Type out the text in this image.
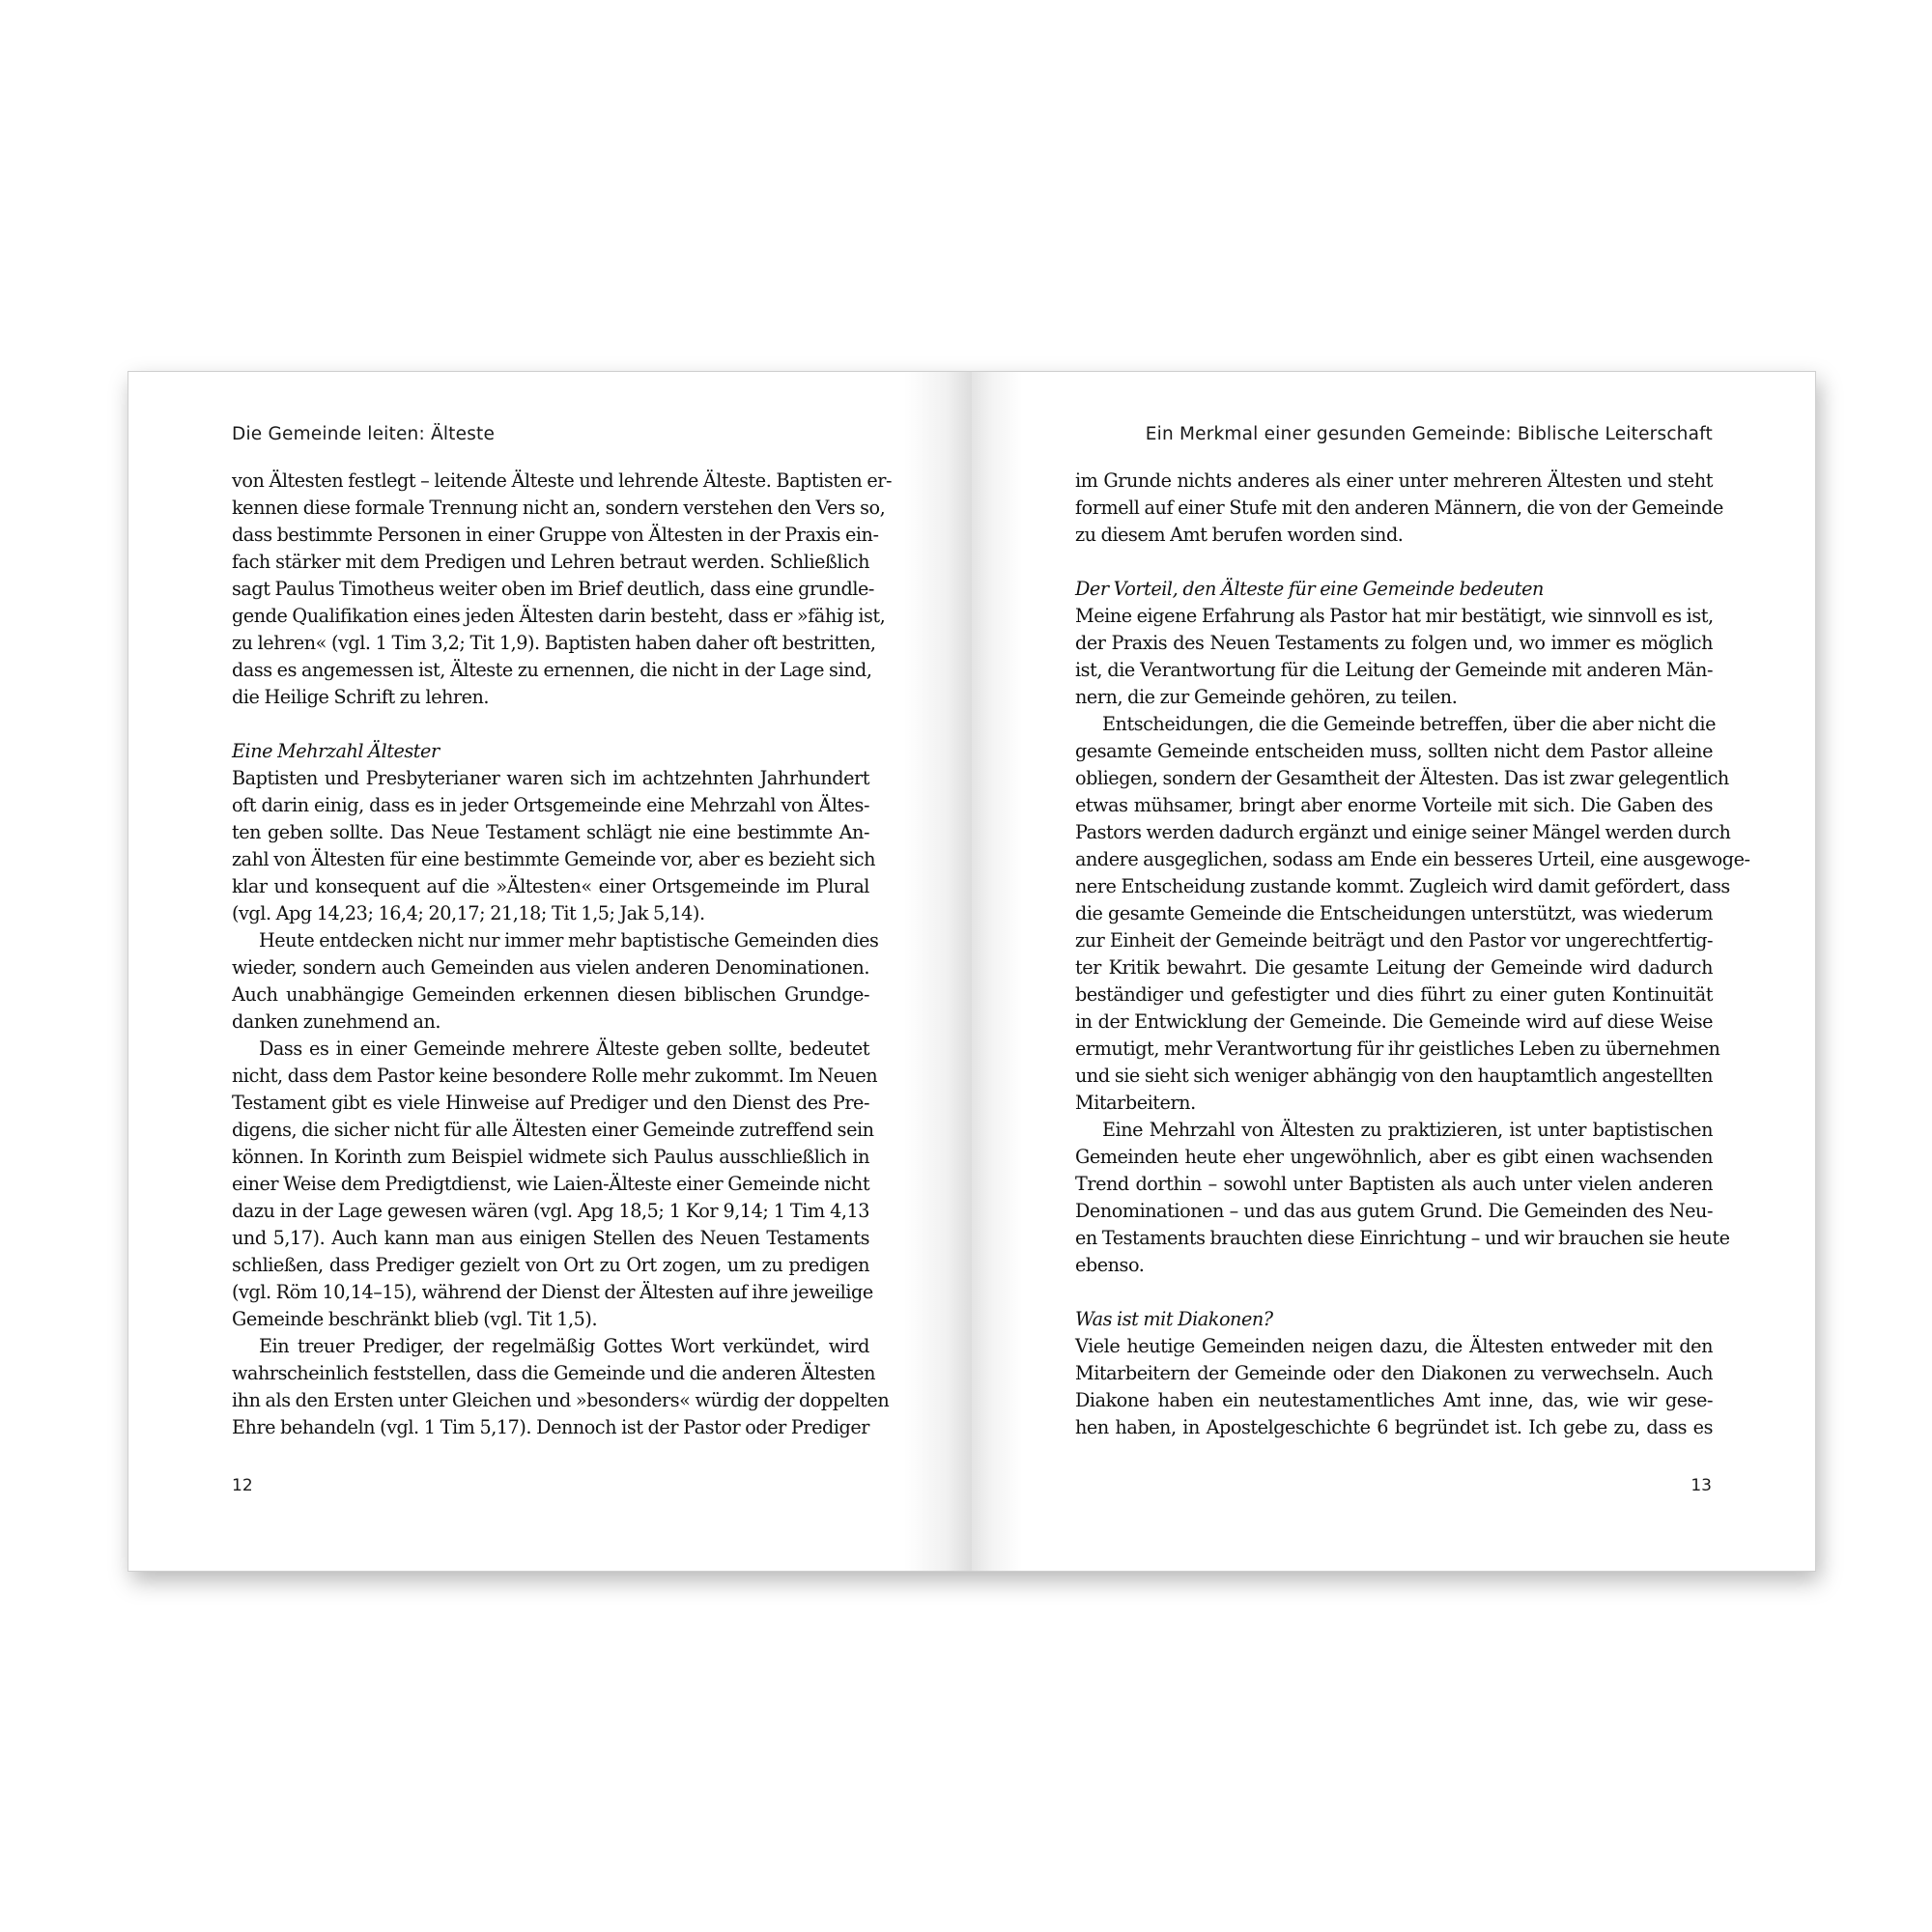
Die Gemeinde leiten: Älteste
von Ältesten festlegt – leitende Älteste und lehrende Älteste. Baptisten er-
kennen diese formale Trennung nicht an, sondern verstehen den Vers so,
dass bestimmte Personen in einer Gruppe von Ältesten in der Praxis ein-
fach stärker mit dem Predigen und Lehren betraut werden. Schließlich
sagt Paulus Timotheus weiter oben im Brief deutlich, dass eine grundle-
gende Qualifikation eines jeden Ältesten darin besteht, dass er »fähig ist,
zu lehren« (vgl. 1 Tim 3,2; Tit 1,9). Baptisten haben daher oft bestritten,
dass es angemessen ist, Älteste zu ernennen, die nicht in der Lage sind,
die Heilige Schrift zu lehren.
Eine Mehrzahl Ältester
Baptisten und Presbyterianer waren sich im achtzehnten Jahrhundert
oft darin einig, dass es in jeder Ortsgemeinde eine Mehrzahl von Ältes-
ten geben sollte. Das Neue Testament schlägt nie eine bestimmte An-
zahl von Ältesten für eine bestimmte Gemeinde vor, aber es bezieht sich
klar und konsequent auf die »Ältesten« einer Ortsgemeinde im Plural
(vgl. Apg 14,23; 16,4; 20,17; 21,18; Tit 1,5; Jak 5,14).
Heute entdecken nicht nur immer mehr baptistische Gemeinden dies
wieder, sondern auch Gemeinden aus vielen anderen Denominationen.
Auch unabhängige Gemeinden erkennen diesen biblischen Grundge-
danken zunehmend an.
Dass es in einer Gemeinde mehrere Älteste geben sollte, bedeutet
nicht, dass dem Pastor keine besondere Rolle mehr zukommt. Im Neuen
Testament gibt es viele Hinweise auf Prediger und den Dienst des Pre-
digens, die sicher nicht für alle Ältesten einer Gemeinde zutreffend sein
können. In Korinth zum Beispiel widmete sich Paulus ausschließlich in
einer Weise dem Predigtdienst, wie Laien-Älteste einer Gemeinde nicht
dazu in der Lage gewesen wären (vgl. Apg 18,5; 1 Kor 9,14; 1 Tim 4,13
und 5,17). Auch kann man aus einigen Stellen des Neuen Testaments
schließen, dass Prediger gezielt von Ort zu Ort zogen, um zu predigen
(vgl. Röm 10,14–15), während der Dienst der Ältesten auf ihre jeweilige
Gemeinde beschränkt blieb (vgl. Tit 1,5).
Ein treuer Prediger, der regelmäßig Gottes Wort verkündet, wird
wahrscheinlich feststellen, dass die Gemeinde und die anderen Ältesten
ihn als den Ersten unter Gleichen und »besonders« würdig der doppelten
Ehre behandeln (vgl. 1 Tim 5,17). Dennoch ist der Pastor oder Prediger
12
Ein Merkmal einer gesunden Gemeinde: Biblische Leiterschaft
im Grunde nichts anderes als einer unter mehreren Ältesten und steht
formell auf einer Stufe mit den anderen Männern, die von der Gemeinde
zu diesem Amt berufen worden sind.
Der Vorteil, den Älteste für eine Gemeinde bedeuten
Meine eigene Erfahrung als Pastor hat mir bestätigt, wie sinnvoll es ist,
der Praxis des Neuen Testaments zu folgen und, wo immer es möglich
ist, die Verantwortung für die Leitung der Gemeinde mit anderen Män-
nern, die zur Gemeinde gehören, zu teilen.
Entscheidungen, die die Gemeinde betreffen, über die aber nicht die
gesamte Gemeinde entscheiden muss, sollten nicht dem Pastor alleine
obliegen, sondern der Gesamtheit der Ältesten. Das ist zwar gelegentlich
etwas mühsamer, bringt aber enorme Vorteile mit sich. Die Gaben des
Pastors werden dadurch ergänzt und einige seiner Mängel werden durch
andere ausgeglichen, sodass am Ende ein besseres Urteil, eine ausgewoge-
nere Entscheidung zustande kommt. Zugleich wird damit gefördert, dass
die gesamte Gemeinde die Entscheidungen unterstützt, was wiederum
zur Einheit der Gemeinde beiträgt und den Pastor vor ungerechtfertig-
ter Kritik bewahrt. Die gesamte Leitung der Gemeinde wird dadurch
beständiger und gefestigter und dies führt zu einer guten Kontinuität
in der Entwicklung der Gemeinde. Die Gemeinde wird auf diese Weise
ermutigt, mehr Verantwortung für ihr geistliches Leben zu übernehmen
und sie sieht sich weniger abhängig von den hauptamtlich angestellten
Mitarbeitern.
Eine Mehrzahl von Ältesten zu praktizieren, ist unter baptistischen
Gemeinden heute eher ungewöhnlich, aber es gibt einen wachsenden
Trend dorthin – sowohl unter Baptisten als auch unter vielen anderen
Denominationen – und das aus gutem Grund. Die Gemeinden des Neu-
en Testaments brauchten diese Einrichtung – und wir brauchen sie heute
ebenso.
Was ist mit Diakonen?
Viele heutige Gemeinden neigen dazu, die Ältesten entweder mit den
Mitarbeitern der Gemeinde oder den Diakonen zu verwechseln. Auch
Diakone haben ein neutestamentliches Amt inne, das, wie wir gese-
hen haben, in Apostelgeschichte 6 begründet ist. Ich gebe zu, dass es
13
